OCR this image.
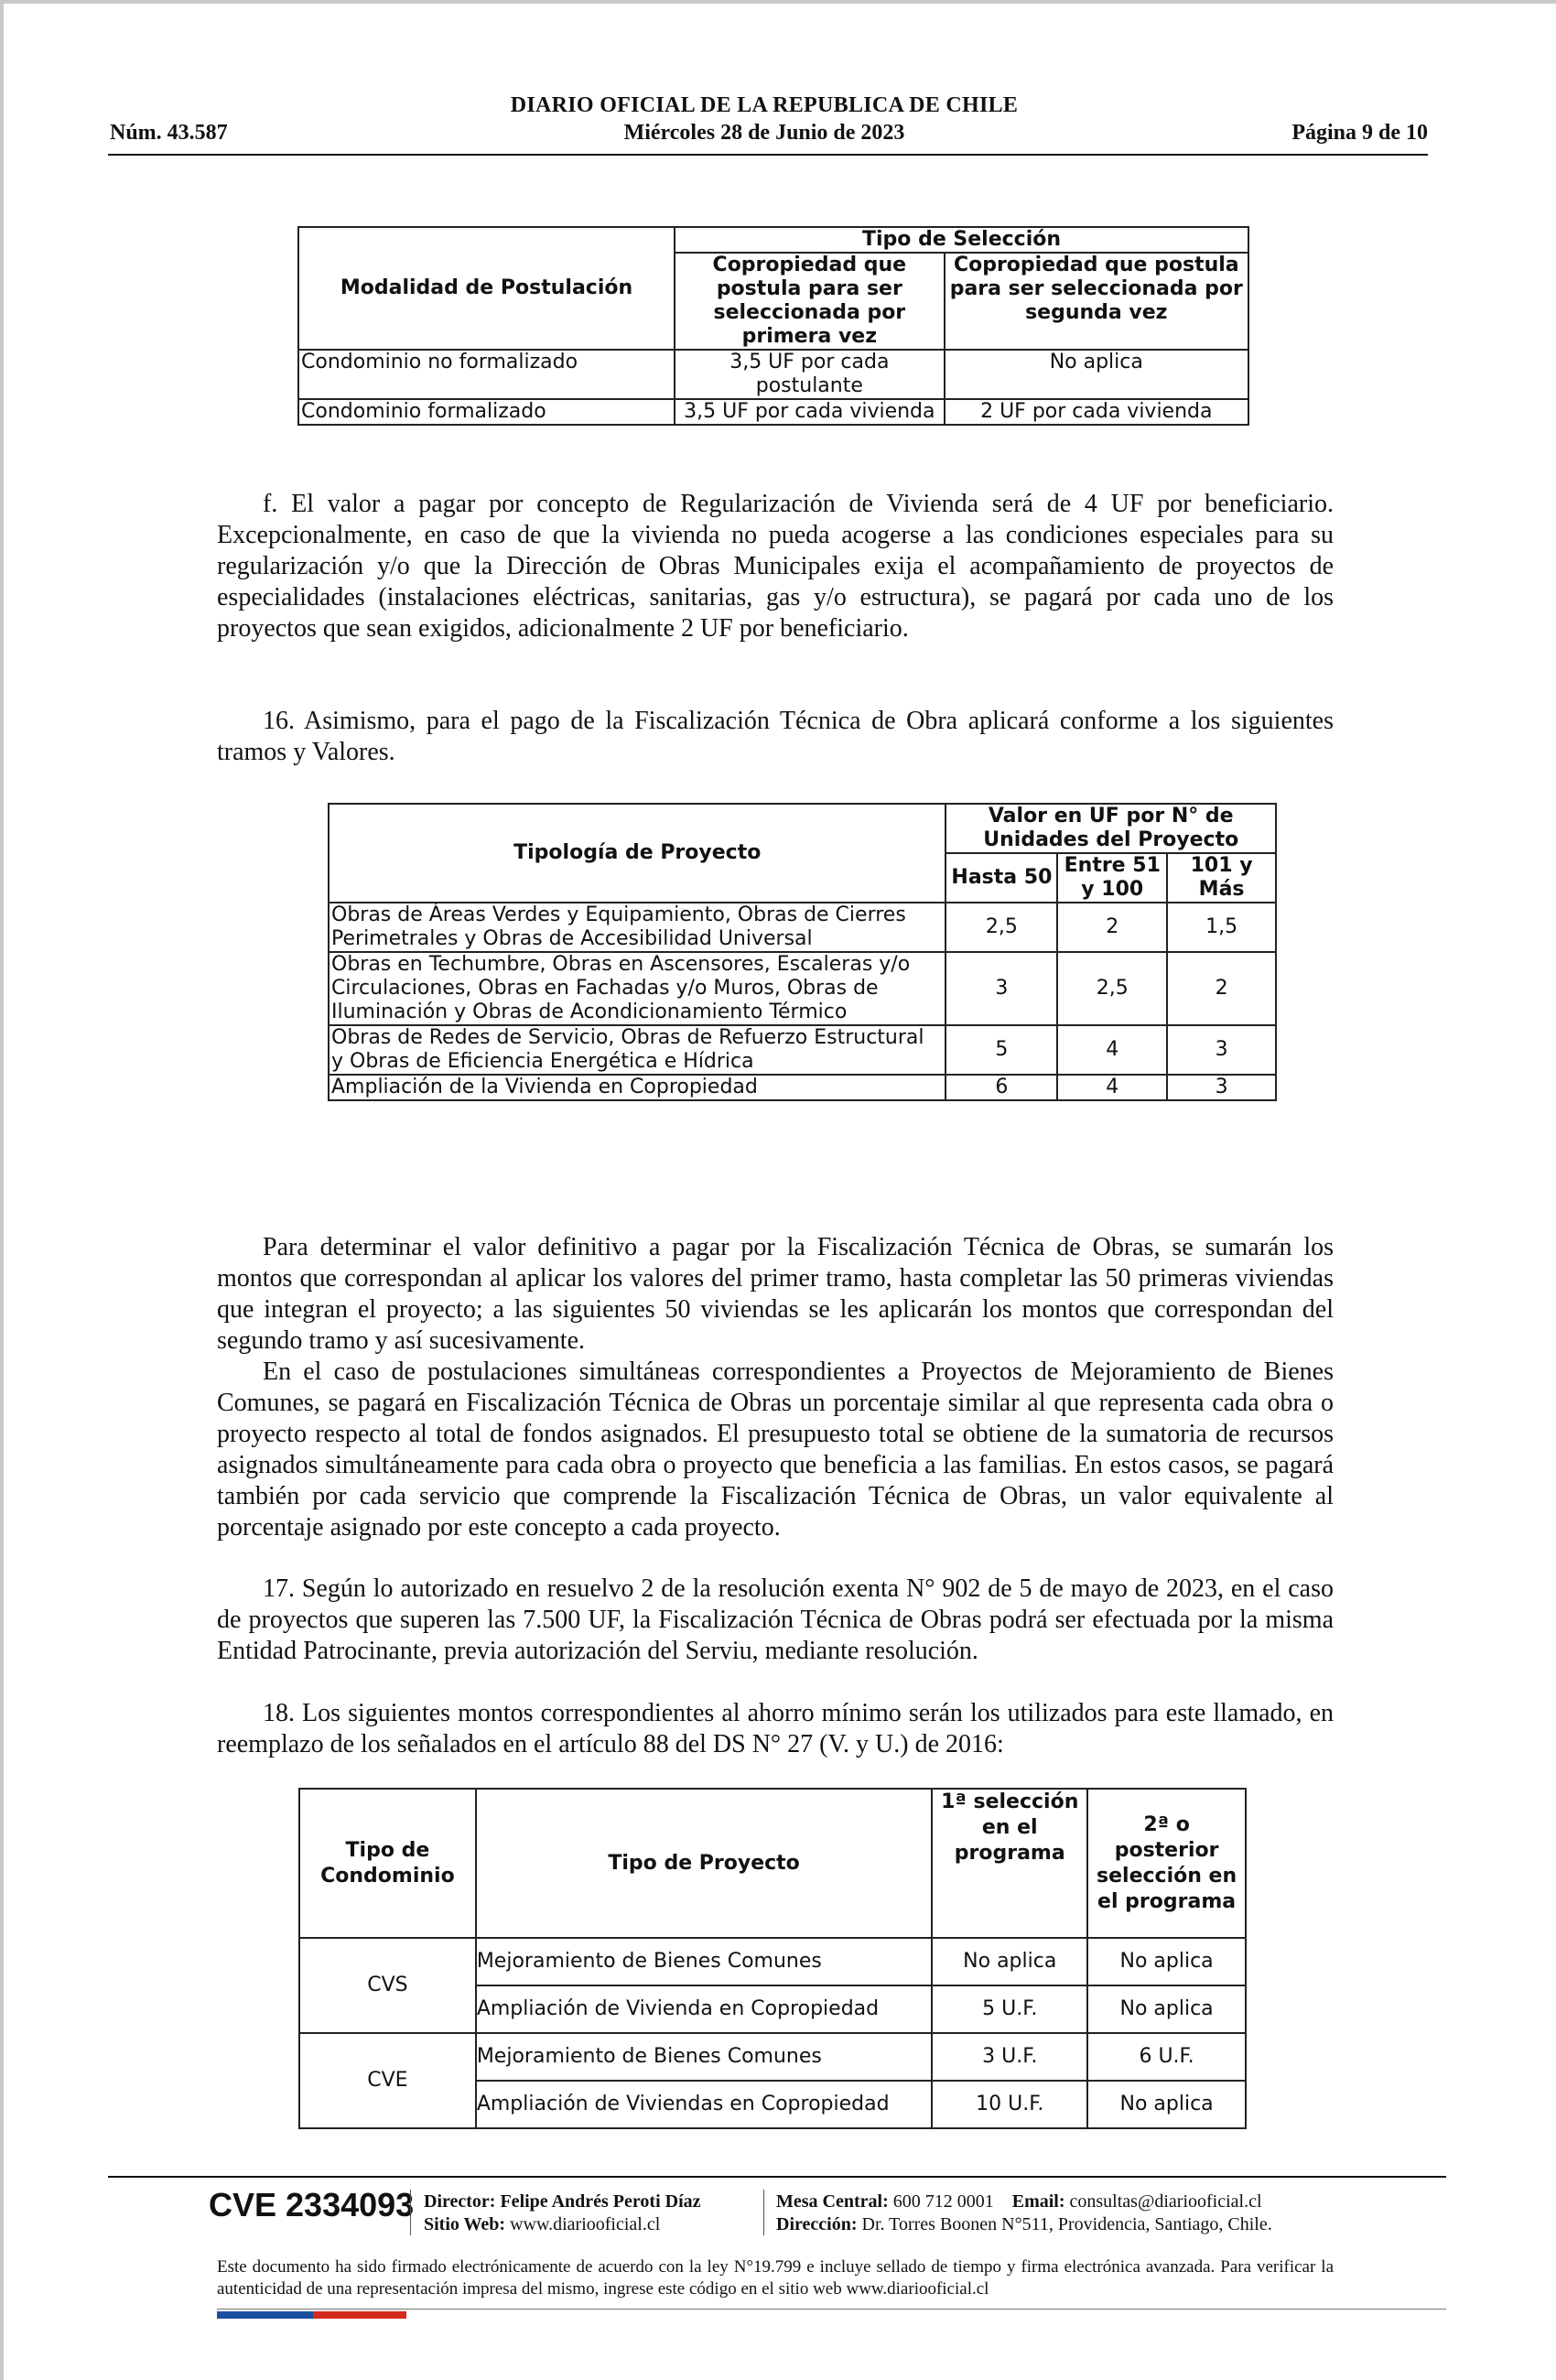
DIARIO OFICIAL DE LA REPUBLICA DE CHILE
Núm. 43.587	Miércoles 28 de Junio de 2023	Página 9 de 10
Modalidad de Postulación	Tipo de Selección	
	Copropiedad que postula para ser seleccionada por primera vez	Copropiedad que postula para ser seleccionada por segunda vez
Condominio no formalizado	3,5 UF por cada postulante	No aplica
Condominio formalizado	3,5 UF por cada vivienda	2 UF por cada vivienda
f. El valor a pagar por concepto de Regularización de Vivienda será de 4 UF por beneficiario. Excepcionalmente, en caso de que la vivienda no pueda acogerse a las condiciones especiales para su regularización y/o que la Dirección de Obras Municipales exija el acompañamiento de proyectos de especialidades (instalaciones eléctricas, sanitarias, gas y/o estructura), se pagará por cada uno de los proyectos que sean exigidos, adicionalmente 2 UF por beneficiario.
16. Asimismo, para el pago de la Fiscalización Técnica de Obra aplicará conforme a los siguientes tramos y Valores.
Tipología de Proyecto	Valor en UF por N° de Unidades del Proyecto		
	Hasta 50	Entre 51 y 100	101 y Más
Obras de Áreas Verdes y Equipamiento, Obras de Cierres Perimetrales y Obras de Accesibilidad Universal	2,5	2	1,5
Obras en Techumbre, Obras en Ascensores, Escaleras y/o Circulaciones, Obras en Fachadas y/o Muros, Obras de Iluminación y Obras de Acondicionamiento Térmico	3	2,5	2
Obras de Redes de Servicio, Obras de Refuerzo Estructural y Obras de Eficiencia Energética e Hídrica	5	4	3
Ampliación de la Vivienda en Copropiedad	6	4	3
Para determinar el valor definitivo a pagar por la Fiscalización Técnica de Obras, se sumarán los montos que correspondan al aplicar los valores del primer tramo, hasta completar las 50 primeras viviendas que integran el proyecto; a las siguientes 50 viviendas se les aplicarán los montos que correspondan del segundo tramo y así sucesivamente.
En el caso de postulaciones simultáneas correspondientes a Proyectos de Mejoramiento de Bienes Comunes, se pagará en Fiscalización Técnica de Obras un porcentaje similar al que representa cada obra o proyecto respecto al total de fondos asignados. El presupuesto total se obtiene de la sumatoria de recursos asignados simultáneamente para cada obra o proyecto que beneficia a las familias. En estos casos, se pagará también por cada servicio que comprende la Fiscalización Técnica de Obras, un valor equivalente al porcentaje asignado por este concepto a cada proyecto.
17. Según lo autorizado en resuelvo 2 de la resolución exenta N° 902 de 5 de mayo de 2023, en el caso de proyectos que superen las 7.500 UF, la Fiscalización Técnica de Obras podrá ser efectuada por la misma Entidad Patrocinante, previa autorización del Serviu, mediante resolución.
18. Los siguientes montos correspondientes al ahorro mínimo serán los utilizados para este llamado, en reemplazo de los señalados en el artículo 88 del DS N° 27 (V. y U.) de 2016:
Tipo de Condominio	Tipo de Proyecto	1ª selección en el programa	2ª o posterior selección en el programa
CVS	Mejoramiento de Bienes Comunes	No aplica	No aplica
	Ampliación de Vivienda en Copropiedad	5 U.F.	No aplica
CVE	Mejoramiento de Bienes Comunes	3 U.F.	6 U.F.
	Ampliación de Viviendas en Copropiedad	10 U.F.	No aplica
CVE 2334093 Director: Felipe Andrés Peroti Díaz
Sitio Web: www.diariooficial.cl
Mesa Central: 600 712 0001 Email: consultas@diariooficial.cl
Dirección: Dr. Torres Boonen N°511, Providencia, Santiago, Chile.
Este documento ha sido firmado electrónicamente de acuerdo con la ley N°19.799 e incluye sellado de tiempo y firma electrónica avanzada. Para verificar la autenticidad de una representación impresa del mismo, ingrese este código en el sitio web www.diariooficial.cl
